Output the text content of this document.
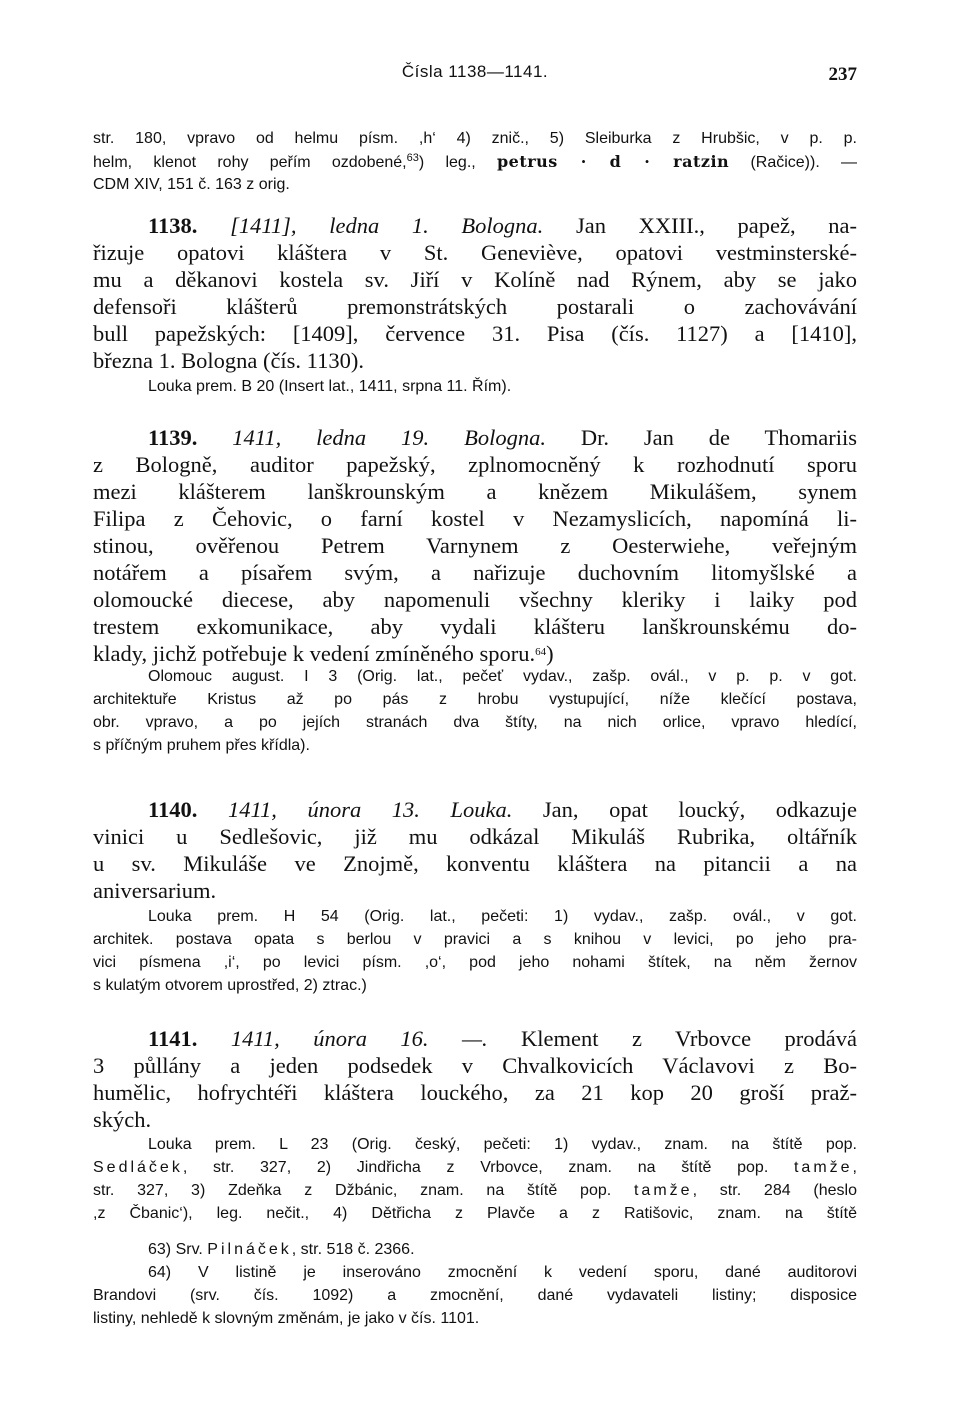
Čísla 1138—1141.	237
str. 180, vpravo od helmu písm. ,h‘ 4) znič., 5) Sleiburka z Hrubšic, v p. p.
helm, klenot rohy peřím ozdobené,$^{63}$) leg., petrus · d · ratzin (Račice)). —
CDM XIV, 151 č. 163 z orig.
1138. [1411], ledna 1. Bologna. Jan XXIII., papež, na-
řizuje opatovi kláštera v St. Geneviève, opatovi vestminsterské-
mu a děkanovi kostela sv. Jiří v Kolíně nad Rýnem, aby se jako
defensoři klášterů premonstrátských postarali o zachovávání
bull papežských: [1409], července 31. Pisa (čís. 1127) a [1410],
března 1. Bologna (čís. 1130).
Louka prem. B 20 (Insert lat., 1411, srpna 11. Řím).
1139. 1411, ledna 19. Bologna. Dr. Jan de Thomariis
z Bologně, auditor papežský, zplnomocněný k rozhodnutí sporu
mezi klášterem lanškrounským a knězem Mikulášem, synem
Filipa z Čehovic, o farní kostel v Nezamyslicích, napomíná li-
stinou, ověřenou Petrem Varnynem z Oesterwiehe, veřejným
notářem a písařem svým, a nařizuje duchovním litomyšlské a
olomoucké diecese, aby napomenuli všechny kleriky i laiky pod
trestem exkomunikace, aby vydali klášteru lanškrounskému do-
klady, jichž potřebuje k vedení zmíněného sporu.$^{64}$)
Olomouc august. I 3 (Orig. lat., pečeť vydav., zašp. ovál., v p. p. v got.
architektuře Kristus až po pás z hrobu vystupující, níže klečící postava,
obr. vpravo, a po jejích stranách dva štíty, na nich orlice, vpravo hledící,
s příčným pruhem přes křídla).
1140. 1411, února 13. Louka. Jan, opat loucký, odkazuje
vinici u Sedlešovic, již mu odkázal Mikuláš Rubrika, oltářník
u sv. Mikuláše ve Znojmě, konventu kláštera na pitancii a na
aniversarium.
Louka prem. H 54 (Orig. lat., pečeti: 1) vydav., zašp. ovál., v got.
architek. postava opata s berlou v pravici a s knihou v levici, po jeho pra-
vici písmena ,i‘, po levici písm. ,o‘, pod jeho nohami štítek, na něm žernov
s kulatým otvorem uprostřed, 2) ztrac.)
1141. 1411, února 16. —. Klement z Vrbovce prodává
3 půllány a jeden podsedek v Chvalkovicích Václavovi z Bo-
humělic, hofrychtéři kláštera louckého, za 21 kop 20 groší praž-
ských.
Louka prem. L 23 (Orig. český, pečeti: 1) vydav., znam. na štítě pop.
Sedláček, str. 327, 2) Jindřicha z Vrbovce, znam. na štítě pop. tamže,
str. 327, 3) Zdeňka z Džbánic, znam. na štítě pop. tamže, str. 284 (heslo
,z Čbanic‘), leg. nečit., 4) Dětřicha z Plavče a z Ratišovic, znam. na štítě
63) Srv. Pilnáček, str. 518 č. 2366.
64) V listině je inserováno zmocnění k vedení sporu, dané auditorovi
Brandovi (srv. čís. 1092) a zmocnění, dané vydavateli listiny; disposice
listiny, nehledě k slovným změnám, je jako v čís. 1101.
